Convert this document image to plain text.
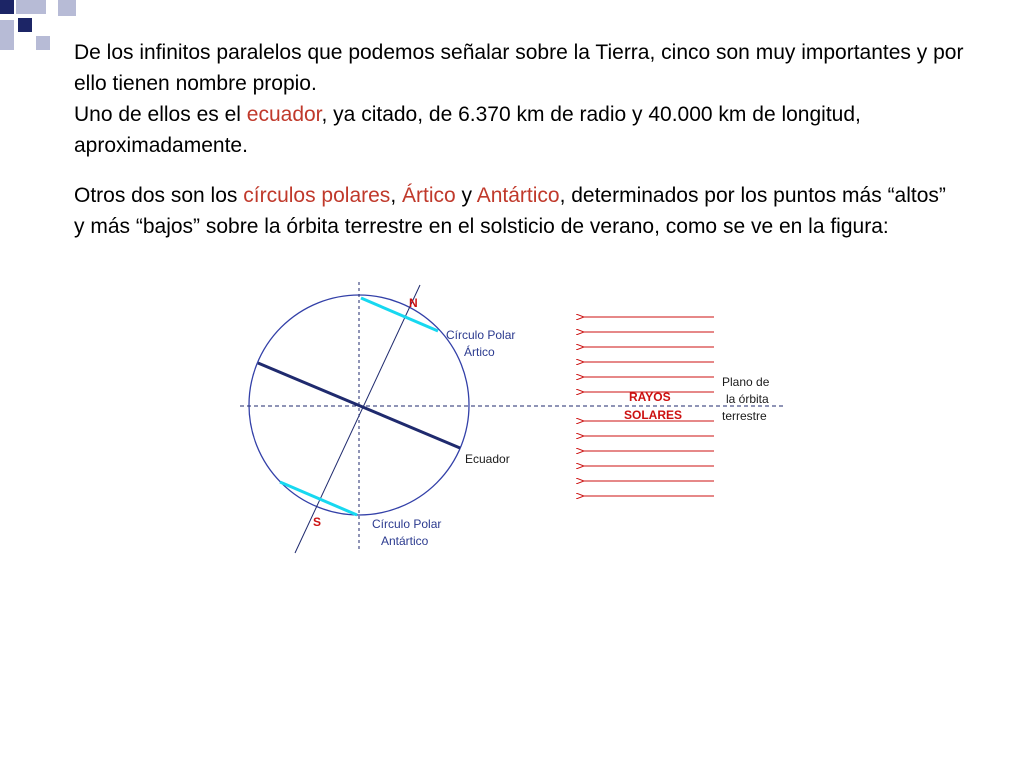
De los infinitos paralelos que podemos señalar sobre la Tierra, cinco son muy importantes y por ello tienen nombre propio.
Uno de ellos es el ecuador, ya citado, de 6.370 km de radio y 40.000 km de longitud, aproximadamente.

Otros dos son los círculos polares, Ártico y Antártico, determinados por los puntos más “altos” y más “bajos” sobre la órbita terrestre en el solsticio de verano, como se ve en la figura:

N
S
Círculo Polar
Ártico
Ecuador
Círculo Polar
Antártico
RAYOS
SOLARES
Plano de
la órbita
terrestre
